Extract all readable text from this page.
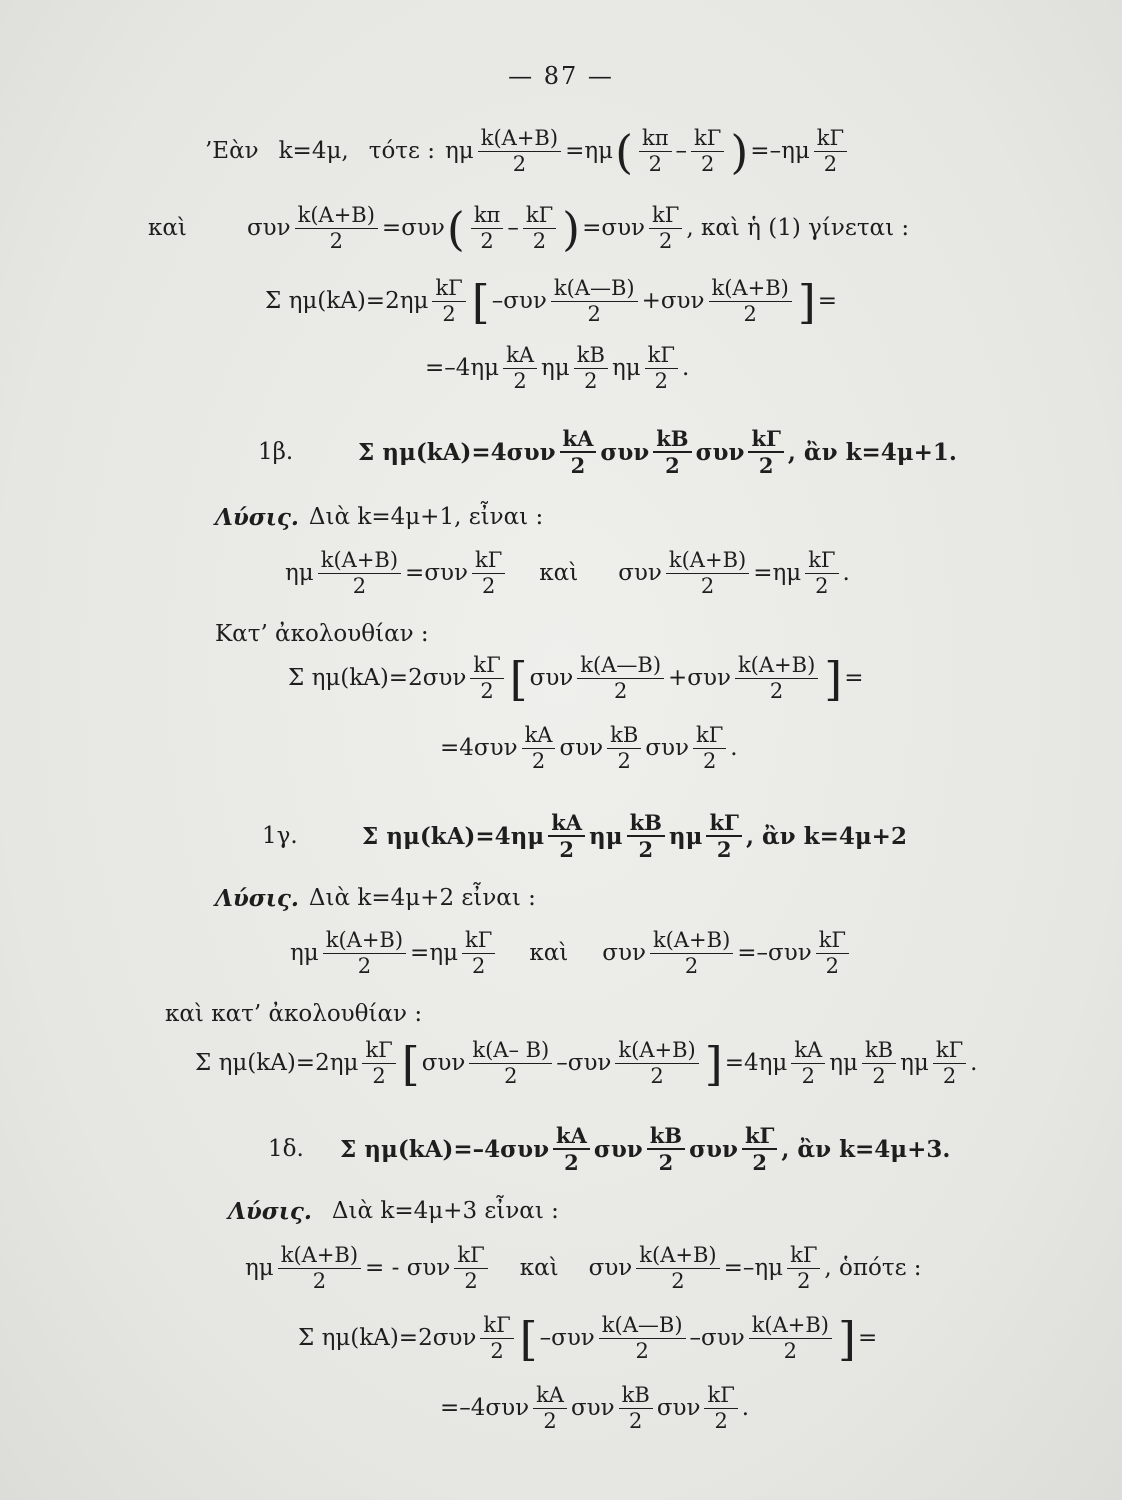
— 87 —
’Εὰν k=4μ, τότε : ημ $\frac{k(A+B)}{2} =\eta\mu$ ( $\frac{k\pi}{2} - \frac{k\Gamma}{2}$ ) $=-\eta\mu \frac{k\Gamma}{2}$
καὶ	συν $\frac{k(A+B)}{2} =\sigma\upsilon\nu$ ( $\frac{k\pi}{2} - \frac{k\Gamma}{2}$ ) $=\sigma\upsilon\nu \frac{k\Gamma}{2}$ , καὶ ἡ (1) γίνεται :
Σ $\eta\mu(kA)=2\eta\mu \frac{k\Gamma}{2}$ [ $-\sigma\upsilon\nu \frac{k(A—B)}{2} +\sigma\upsilon\nu \frac{k(A+B)}{2}$ ] =
$=-4\eta\mu \frac{kA}{2}$ ημ $\frac{kB}{2}$ ημ $\frac{k\Gamma}{2}$ .
1β.	Σ $\eta\mu(kA)=4\sigma\upsilon\nu \frac{kA}{2}$ συν $\frac{kB}{2}$ συν $\frac{k\Gamma}{2}$ , ἂν k=4μ+1.
Λύσις. Διὰ k=4μ+1, εἶναι :
ημ $\frac{k(A+B)}{2} =\sigma\upsilon\nu \frac{k\Gamma}{2}$ καὶ συν $\frac{k(A+B)}{2} =\eta\mu \frac{k\Gamma}{2}$ .
Κατ’ ἀκολουθίαν :
Σ $\eta\mu(kA)=2\sigma\upsilon\nu \frac{k\Gamma}{2}$ [ συν $\frac{k(A—B)}{2} +\sigma\upsilon\nu \frac{k(A+B)}{2}$ ] =
$=4\sigma\upsilon\nu \frac{kA}{2}$ συν $\frac{kB}{2}$ συν $\frac{k\Gamma}{2}$ .
1γ.	Σ $\eta\mu(kA)=4\eta\mu \frac{kA}{2}$ ημ $\frac{kB}{2}$ ημ $\frac{k\Gamma}{2}$ , ἂν k=4μ+2
Λύσις. Διὰ k=4μ+2 εἶναι :
ημ $\frac{k(A+B)}{2} =\eta\mu \frac{k\Gamma}{2}$ καὶ συν $\frac{k(A+B)}{2} =-\sigma\upsilon\nu \frac{k\Gamma}{2}$
καὶ κατ’ ἀκολουθίαν :
Σ $\eta\mu(kA)=2\eta\mu \frac{k\Gamma}{2}$ [ συν $\frac{k(A- B)}{2} -\sigma\upsilon\nu \frac{k(A+B)}{2}$ ] $=4\eta\mu \frac{kA}{2}$ ημ $\frac{kB}{2}$ ημ $\frac{k\Gamma}{2}$ .
1δ.	Σ $\eta\mu(kA)=-4\sigma\upsilon\nu \frac{kA}{2}$ συν $\frac{kB}{2}$ συν $\frac{k\Gamma}{2}$ , ἂν k=4μ+3.
Λύσις. Διὰ k=4μ+3 εἶναι :
ημ $\frac{k(A+B)}{2}$ = - συν $\frac{k\Gamma}{2}$ καὶ συν $\frac{k(A+B)}{2} =-\eta\mu \frac{k\Gamma}{2}$ , ὁπότε :
Σ $\eta\mu(kA)=2\sigma\upsilon\nu \frac{k\Gamma}{2}$ [ $-\sigma\upsilon\nu \frac{k(A—B)}{2} -\sigma\upsilon\nu \frac{k(A+B)}{2}$ ] =
$=-4\sigma\upsilon\nu \frac{kA}{2}$ συν $\frac{kB}{2}$ συν $\frac{k\Gamma}{2}$ .
